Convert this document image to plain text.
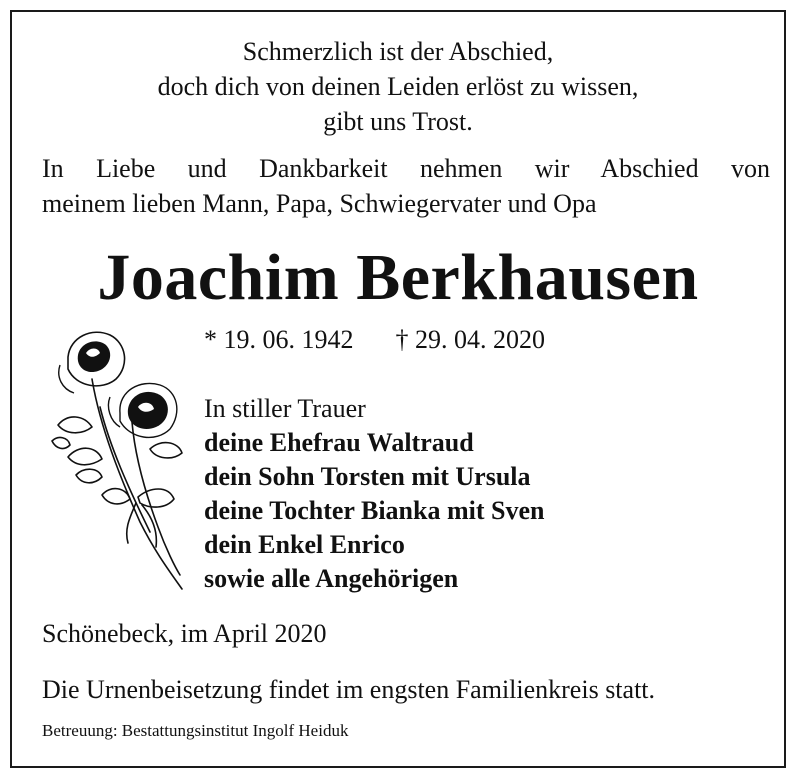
Schmerzlich ist der Abschied,
doch dich von deinen Leiden erlöst zu wissen,
gibt uns Trost.
In Liebe und Dankbarkeit nehmen wir Abschied von
meinem lieben Mann, Papa, Schwiegervater und Opa
Joachim Berkhausen
* 19. 06. 1942 † 29. 04. 2020
In stiller Trauer
deine Ehefrau Waltraud
dein Sohn Torsten mit Ursula
deine Tochter Bianka mit Sven
dein Enkel Enrico
sowie alle Angehörigen
Schönebeck, im April 2020
Die Urnenbeisetzung findet im engsten Familienkreis statt.
Betreuung: Bestattungsinstitut Ingolf Heiduk
